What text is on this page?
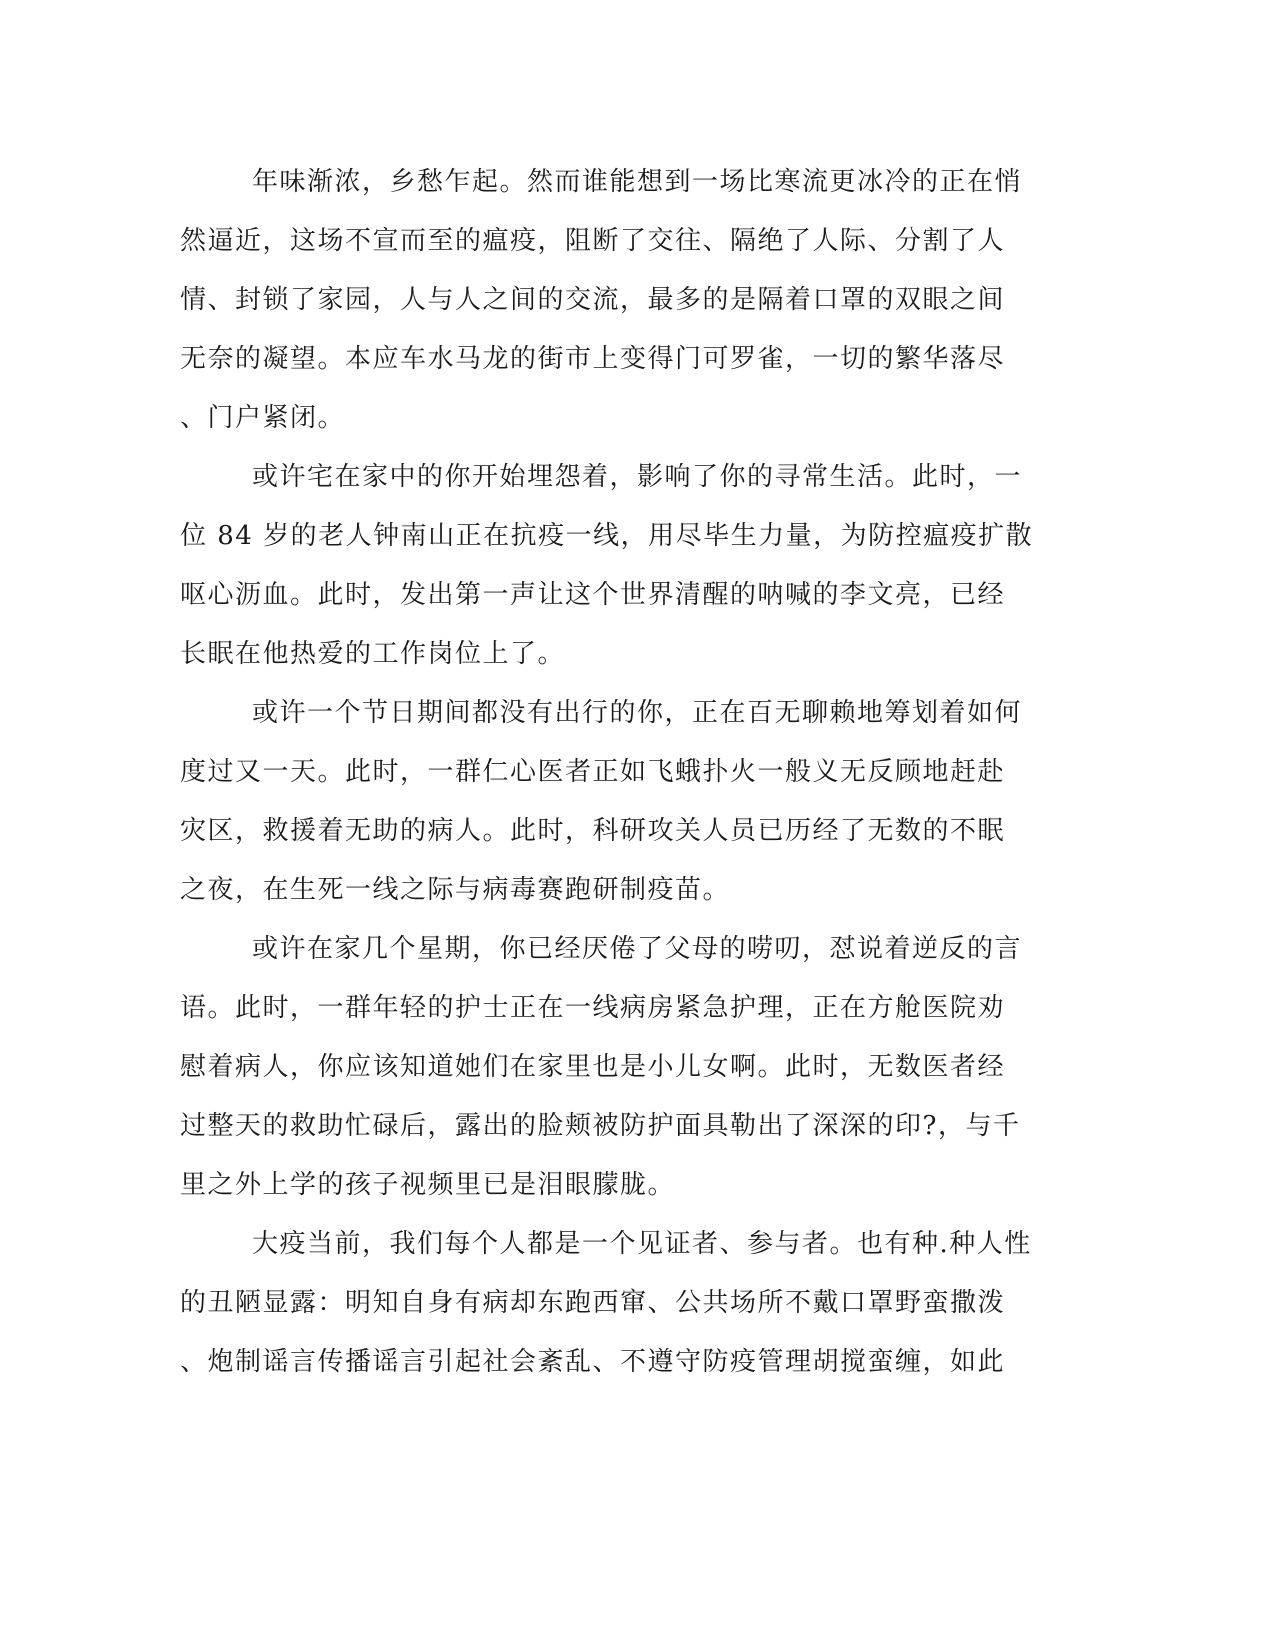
年味渐浓，乡愁乍起。然而谁能想到一场比寒流更冰冷的正在悄
然逼近，这场不宣而至的瘟疫，阻断了交往、隔绝了人际、分割了人
情、封锁了家园，人与人之间的交流，最多的是隔着口罩的双眼之间
无奈的凝望。本应车水马龙的街市上变得门可罗雀，一切的繁华落尽
、门户紧闭。
或许宅在家中的你开始埋怨着，影响了你的寻常生活。此时，一
位 84 岁的老人钟南山正在抗疫一线，用尽毕生力量，为防控瘟疫扩散
呕心沥血。此时，发出第一声让这个世界清醒的呐喊的李文亮，已经
长眠在他热爱的工作岗位上了。
或许一个节日期间都没有出行的你，正在百无聊赖地筹划着如何
度过又一天。此时，一群仁心医者正如飞蛾扑火一般义无反顾地赶赴
灾区，救援着无助的病人。此时，科研攻关人员已历经了无数的不眠
之夜，在生死一线之际与病毒赛跑研制疫苗。
或许在家几个星期，你已经厌倦了父母的唠叨，怼说着逆反的言
语。此时，一群年轻的护士正在一线病房紧急护理，正在方舱医院劝
慰着病人，你应该知道她们在家里也是小儿女啊。此时，无数医者经
过整天的救助忙碌后，露出的脸颊被防护面具勒出了深深的印?，与千
里之外上学的孩子视频里已是泪眼朦胧。
大疫当前，我们每个人都是一个见证者、参与者。也有种.种人性
的丑陋显露：明知自身有病却东跑西窜、公共场所不戴口罩野蛮撒泼
、炮制谣言传播谣言引起社会紊乱、不遵守防疫管理胡搅蛮缠，如此
